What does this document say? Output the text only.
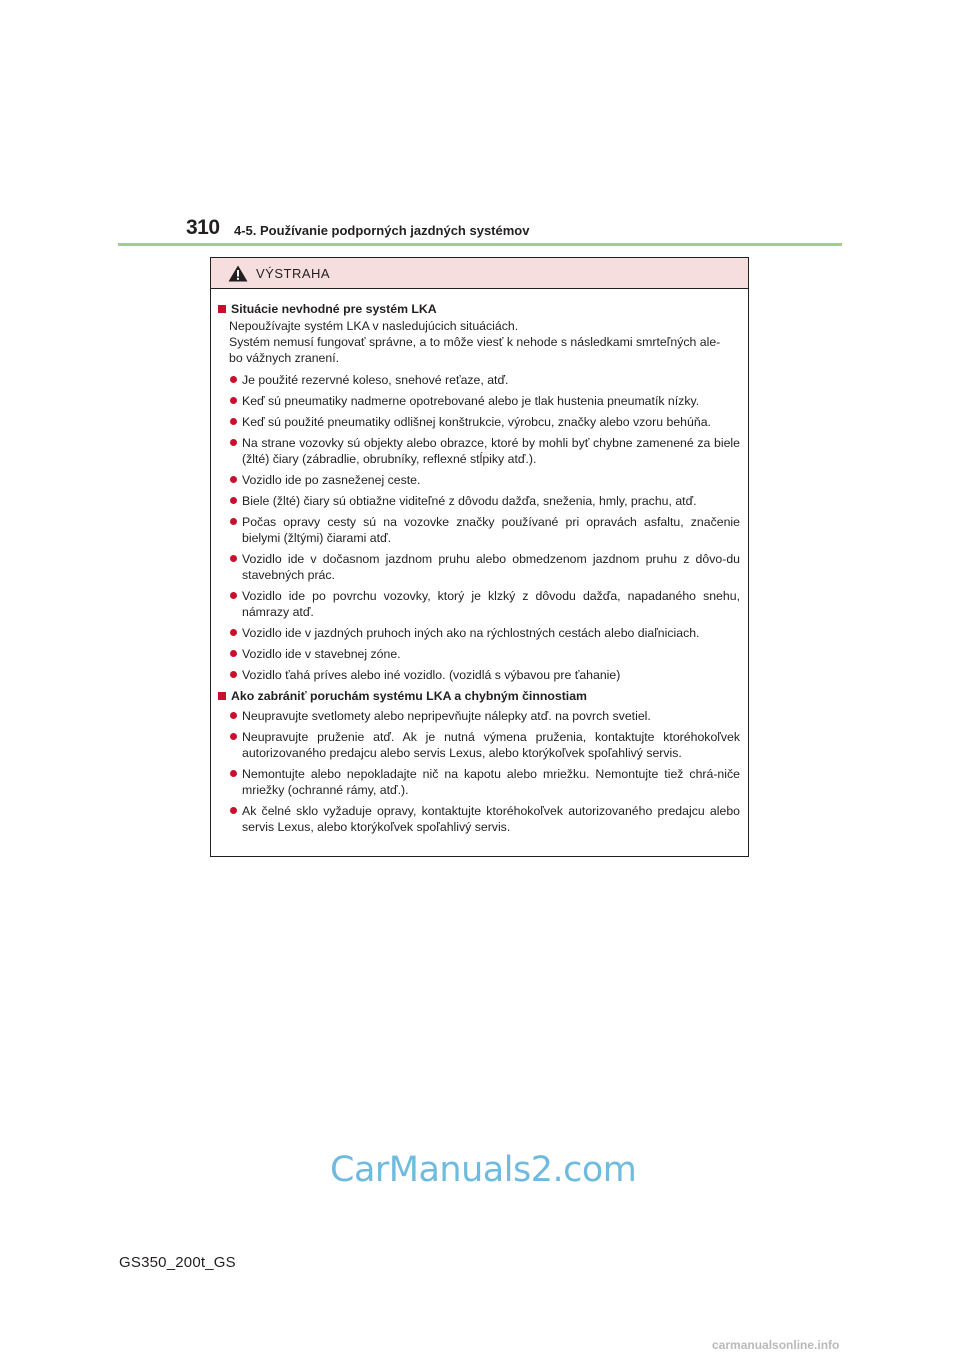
310 4-5. Používanie podporných jazdných systémov
VÝSTRAHA
Situácie nevhodné pre systém LKA
Nepoužívajte systém LKA v nasledujúcich situáciách.
Systém nemusí fungovať správne, a to môže viesť k nehode s následkami smrteľných ale-
bo vážnych zranení.
Je použité rezervné koleso, snehové reťaze, atď.
Keď sú pneumatiky nadmerne opotrebované alebo je tlak hustenia pneumatík nízky.
Keď sú použité pneumatiky odlišnej konštrukcie, výrobcu, značky alebo vzoru behúňa.
Na strane vozovky sú objekty alebo obrazce, ktoré by mohli byť chybne zamenené za biele (žlté) čiary (zábradlie, obrubníky, reflexné stĺpiky atď.).
Vozidlo ide po zasneženej ceste.
Biele (žlté) čiary sú obtiažne viditeľné z dôvodu dažďa, sneženia, hmly, prachu, atď.
Počas opravy cesty sú na vozovke značky používané pri opravách asfaltu, značenie bielymi (žltými) čiarami atď.
Vozidlo ide v dočasnom jazdnom pruhu alebo obmedzenom jazdnom pruhu z dôvo-du stavebných prác.
Vozidlo ide po povrchu vozovky, ktorý je klzký z dôvodu dažďa, napadaného snehu, námrazy atď.
Vozidlo ide v jazdných pruhoch iných ako na rýchlostných cestách alebo diaľniciach.
Vozidlo ide v stavebnej zóne.
Vozidlo ťahá príves alebo iné vozidlo. (vozidlá s výbavou pre ťahanie)
Ako zabrániť poruchám systému LKA a chybným činnostiam
Neupravujte svetlomety alebo nepripevňujte nálepky atď. na povrch svetiel.
Neupravujte pruženie atď. Ak je nutná výmena pruženia, kontaktujte ktoréhokoľvek autorizovaného predajcu alebo servis Lexus, alebo ktorýkoľvek spoľahlivý servis.
Nemontujte alebo nepokladajte nič na kapotu alebo mriežku. Nemontujte tiež chrá-niče mriežky (ochranné rámy, atď.).
Ak čelné sklo vyžaduje opravy, kontaktujte ktoréhokoľvek autorizovaného predajcu alebo servis Lexus, alebo ktorýkoľvek spoľahlivý servis.
CarManuals2.com
GS350_200t_GS
carmanualsonline.info
